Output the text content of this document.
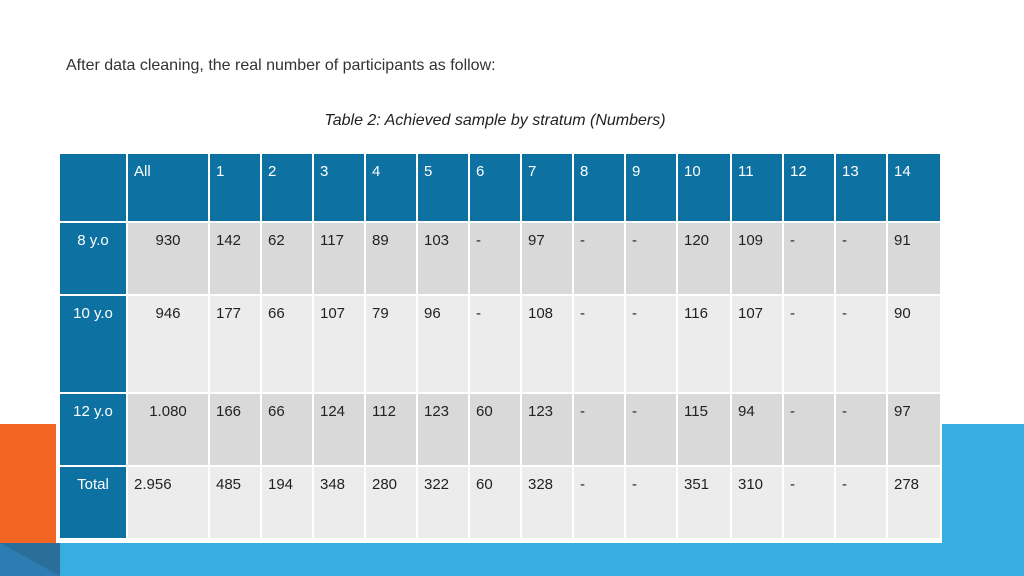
After data cleaning, the real number of participants as follow:

Table 2: Achieved sample by stratum (Numbers)

	All	1	2	3	4	5	6	7	8	9	10	11	12	13	14
8 y.o	930	142	62	117	89	103	-	97	-	-	120	109	-	-	91
10 y.o	946	177	66	107	79	96	-	108	-	-	116	107	-	-	90
12 y.o	1.080	166	66	124	112	123	60	123	-	-	115	94	-	-	97
Total	2.956	485	194	348	280	322	60	328	-	-	351	310	-	-	278
